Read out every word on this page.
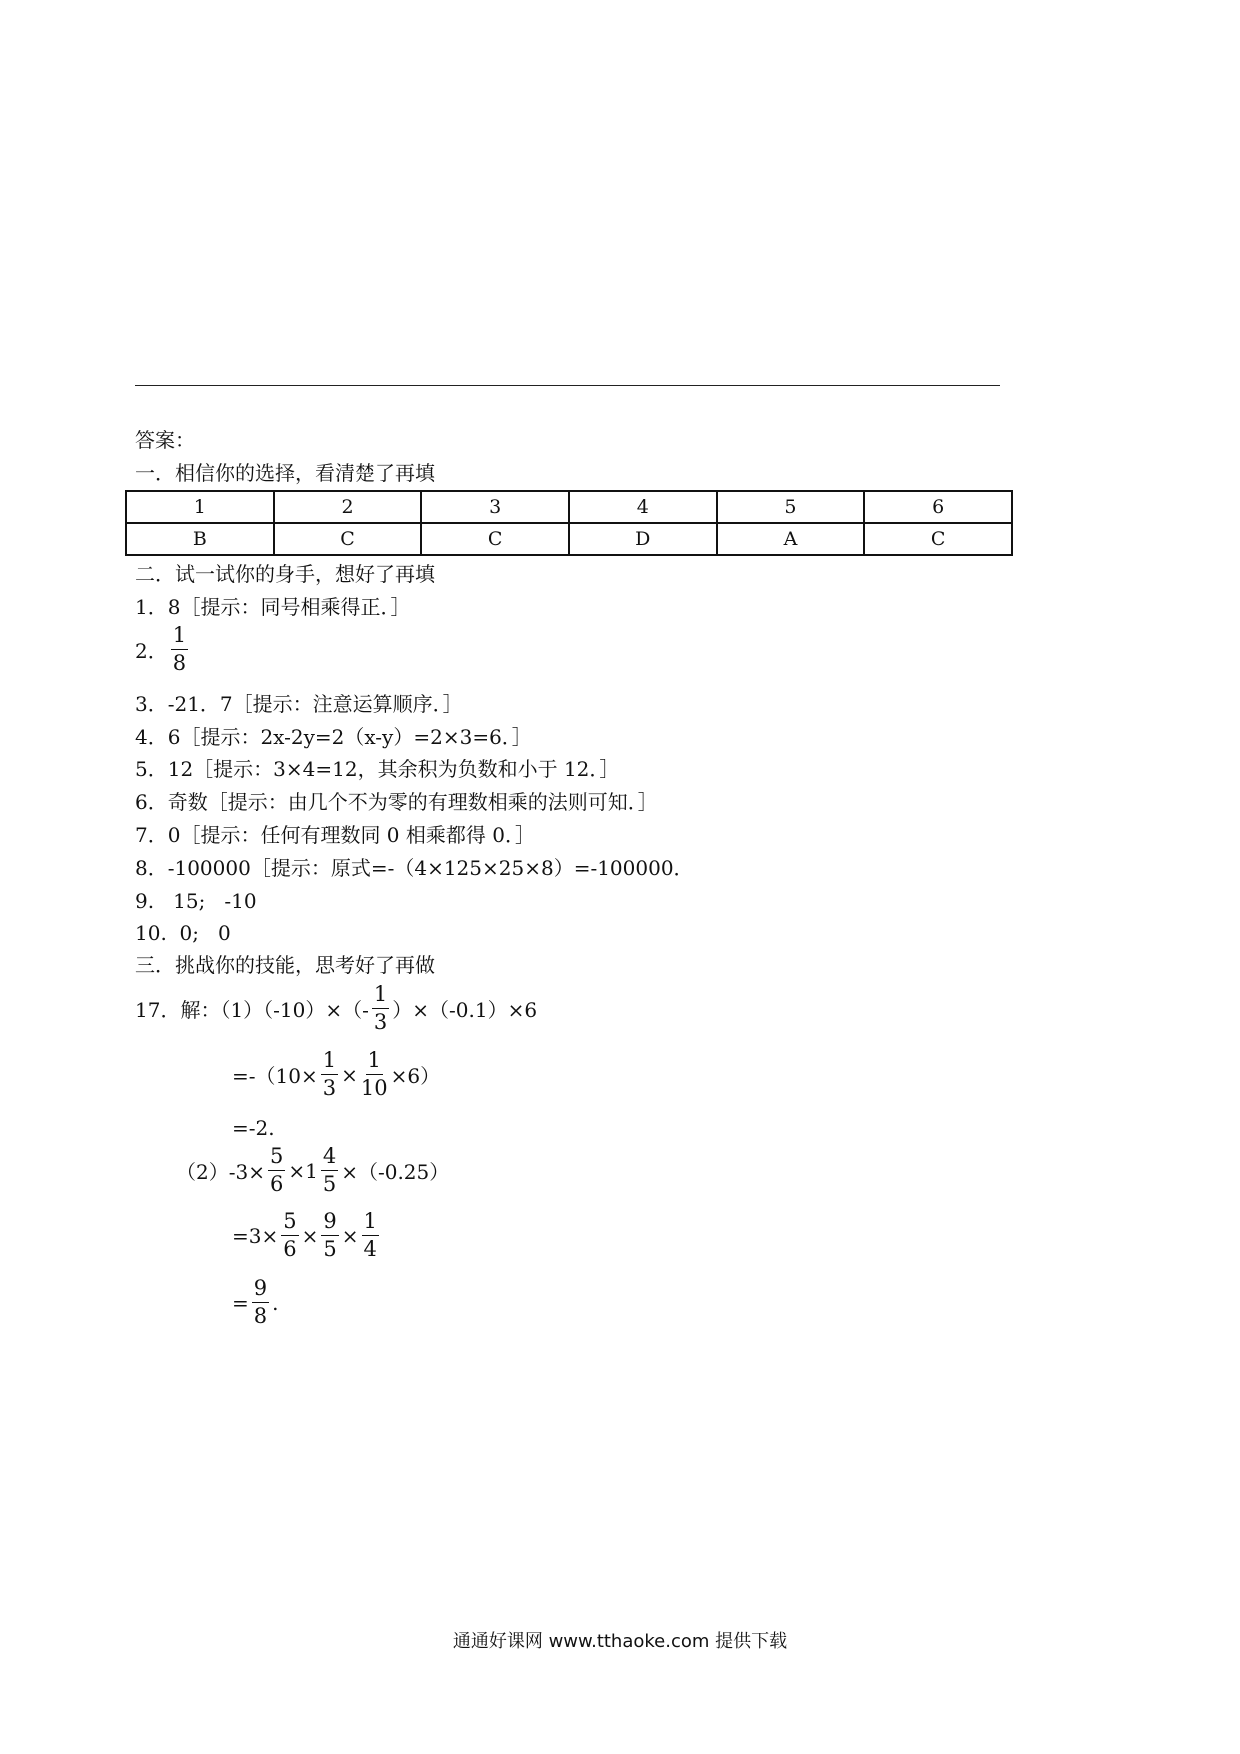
答案：
一．相信你的选择，看清楚了再填
1	2	3	4	5	6
B	C	C	D	A	C
二．试一试你的身手，想好了再填
1．8［提示：同号相乘得正．］
2． $\frac{1}{8}$
3．-21．7［提示：注意运算顺序．］
4．6［提示：2x-2y=2（x-y）=2×3=6．］
5．12［提示：3×4=12，其余积为负数和小于 12．］
6．奇数［提示：由几个不为零的有理数相乘的法则可知．］
7．0［提示：任何有理数同 0 相乘都得 0．］
8．-100000［提示：原式=-（4×125×25×8）=-100000．
9.   15;   -10
10.  0;   0
三．挑战你的技能，思考好了再做
17．解：$(1)(-10)\times(- \frac{1}{3} )\times(-0.1)\times 6$
$=-(10\times \frac{1}{3} \times \frac{1}{10} \times 6)$
=-2.
$(2)-3\times \frac{5}{6} \times 1 \frac{4}{5} \times(-0.25)$
$=3\times \frac{5}{6} \times \frac{9}{5} \times \frac{1}{4}$
= $\frac{9}{8}$ .
通通好课网 www.tthaoke.com 提供下载
